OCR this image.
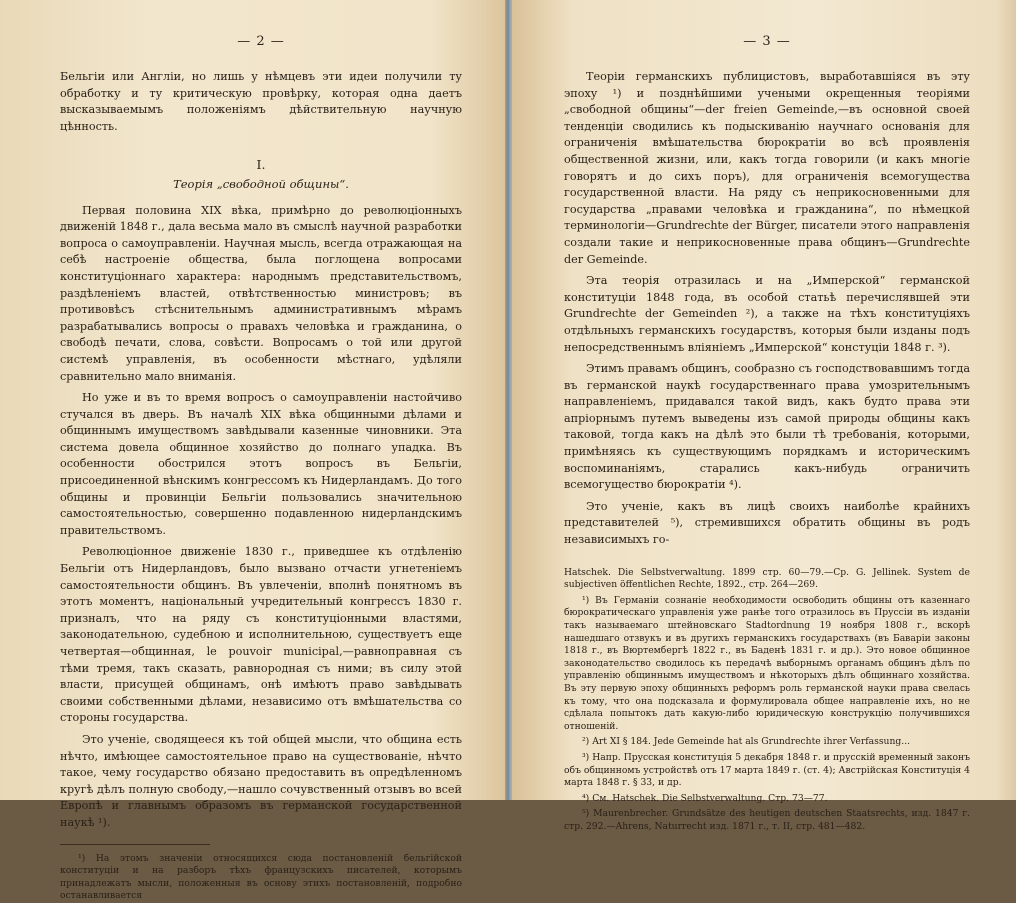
— 2 —

Бельгіи или Англіи, но лишь у нѣмцевъ эти идеи получили ту обработку и ту критическую провѣрку, которая одна даетъ высказываемымъ положеніямъ дѣйствительную научную цѣнность.

I.
Теорія „свободной общины“.

Первая половина XIX вѣка, примѣрно до революціонныхъ движеній 1848 г., дала весьма мало въ смыслѣ научной разработки вопроса о самоуправленіи. Научная мысль, всегда отражающая на себѣ настроеніе общества, была поглощена вопросами конституціоннаго характера: народнымъ представительствомъ, раздѣленіемъ властей, отвѣтственностью министровъ; въ противовѣсъ стѣснительнымъ административнымъ мѣрамъ разрабатывались вопросы о правахъ человѣка и гражданина, о свободѣ печати, слова, совѣсти. Вопросамъ о той или другой системѣ управленія, въ особенности мѣстнаго, удѣляли сравнительно мало вниманія.

Но уже и въ то время вопросъ о самоуправленіи настойчиво стучался въ дверь. Въ началѣ XIX вѣка общинными дѣлами и общиннымъ имуществомъ завѣдывали казенные чиновники. Эта система довела общинное хозяйство до полнаго упадка. Въ особенности обострился этотъ вопросъ въ Бельгіи, присоединенной вѣнскимъ конгрессомъ къ Нидерландамъ. До того общины и провинціи Бельгіи пользовались значительною самостоятельностью, совершенно подавленною нидерландскимъ правительствомъ.

Революціонное движеніе 1830 г., приведшее къ отдѣленію Бельгіи отъ Нидерландовъ, было вызвано отчасти угнетеніемъ самостоятельности общинъ. Въ увлеченіи, вполнѣ понятномъ въ этотъ моментъ, національный учредительный конгрессъ 1830 г. призналъ, что на ряду съ конституціонными властями, законодательною, судебною и исполнительною, существуетъ еще четвертая—общинная, le pouvoir municipal,—равноправная съ тѣми тремя, такъ сказать, равнородная съ ними; въ силу этой власти, присущей общинамъ, онѣ имѣютъ право завѣдывать своими собственными дѣлами, независимо отъ вмѣшательства со стороны государства.

Это ученіе, сводящееся къ той общей мысли, что община есть нѣчто, имѣющее самостоятельное право на существованіе, нѣчто такое, чему государство обязано предоставить въ опредѣленномъ кругѣ дѣлъ полную свободу,—нашло сочувственный отзывъ во всей Европѣ и главнымъ образомъ въ германской государственной наукѣ ¹).

¹) На этомъ значеніи относящихся сюда постановленій бельгійской конституціи и на разборъ тѣхъ французскихъ писателей, которымъ принадлежатъ мысли, положенныя въ основу этихъ постановленій, подробно останавливается

— 3 —

Теоріи германскихъ публицистовъ, выработавшіяся въ эту эпоху ¹) и позднѣйшими учеными окрещенныя теоріями „свободной общины“—der freien Gemeinde,—въ основной своей тенденціи сводились къ подыскиванію научнаго основанія для ограниченія вмѣшательства бюрократіи во всѣ проявленія общественной жизни, или, какъ тогда говорили (и какъ многіе говорятъ и до сихъ поръ), для ограниченія всемогущества государственной власти. На ряду съ неприкосновенными для государства „правами человѣка и гражданина“, по нѣмецкой терминологіи—Grundrechte der Bürger, писатели этого направленія создали такие и неприкосновенные права общинъ—Grundrechte der Gemeinde.

Эта теорія отразилась и на „Имперской“ германской конституціи 1848 года, въ особой статьѣ перечислявшей эти Grundrechte der Gemeinden ²), а также на тѣхъ конституціяхъ отдѣльныхъ германскихъ государствъ, которыя были изданы подъ непосредственнымъ вліяніемъ „Имперской“ констуціи 1848 г. ³).

Этимъ правамъ общинъ, сообразно съ господствовавшимъ тогда въ германской наукѣ государственнаго права умозрительнымъ направленіемъ, придавался такой видъ, какъ будто права эти апріорнымъ путемъ выведены изъ самой природы общины какъ таковой, тогда какъ на дѣлѣ это были тѣ требованія, которыми, примѣняясь къ существующимъ порядкамъ и историческимъ воспоминаніямъ, старались какъ-нибудь ограничить всемогущество бюрократіи ⁴).

Это ученіе, какъ въ лицѣ своихъ наиболѣе крайнихъ представителей ⁵), стремившихся обратить общины въ родъ независимыхъ го-

Hatschek. Die Selbstverwaltung. 1899 стр. 60—79.—Ср. G. Jellinek. System de subjectiven öffentlichen Rechte, 1892., стр. 264—269.

¹) Въ Германіи сознаніе необходимости освободить общины отъ казеннаго бюрократическаго управленія уже ранѣе того отразилось въ Пруссіи въ изданіи такъ называемаго штейновскаго Stadtordnung 19 ноября 1808 г., вскорѣ нашедшаго отзвукъ и въ другихъ германскихъ государствахъ (въ Баваріи законы 1818 г., въ Вюртембергѣ 1822 г., въ Баденѣ 1831 г. и др.). Это новое общинное законодательство сводилось къ передачѣ выборнымъ органамъ общинъ дѣлъ по управленію общиннымъ имуществомъ и нѣкоторыхъ дѣлъ общиннаго хозяйства. Въ эту первую эпоху общинныхъ реформъ роль германской науки права свелась къ тому, что она подсказала и формулировала общее направленіе ихъ, но не сдѣлала попытокъ дать какую-либо юридическую конструкцію получившихся отношеній.

²) Art XI § 184. Jede Gemeinde hat als Grundrechte ihrer Verfassung...

³) Напр. Прусская конституція 5 декабря 1848 г. и прусскій временный законъ объ общинномъ устройствѣ отъ 17 марта 1849 г. (ст. 4); Австрійская Конституція 4 марта 1848 г. § 33, и др.

⁴) См. Hatschek. Die Selbstverwaltung. Стр. 73—77.

⁵) Maurenbrecher. Grundsätze des heutigen deutschen Staatsrechts, изд. 1847 г. стр. 292.—Ahrens, Naturrecht изд. 1871 г., т. II, стр. 481—482.
